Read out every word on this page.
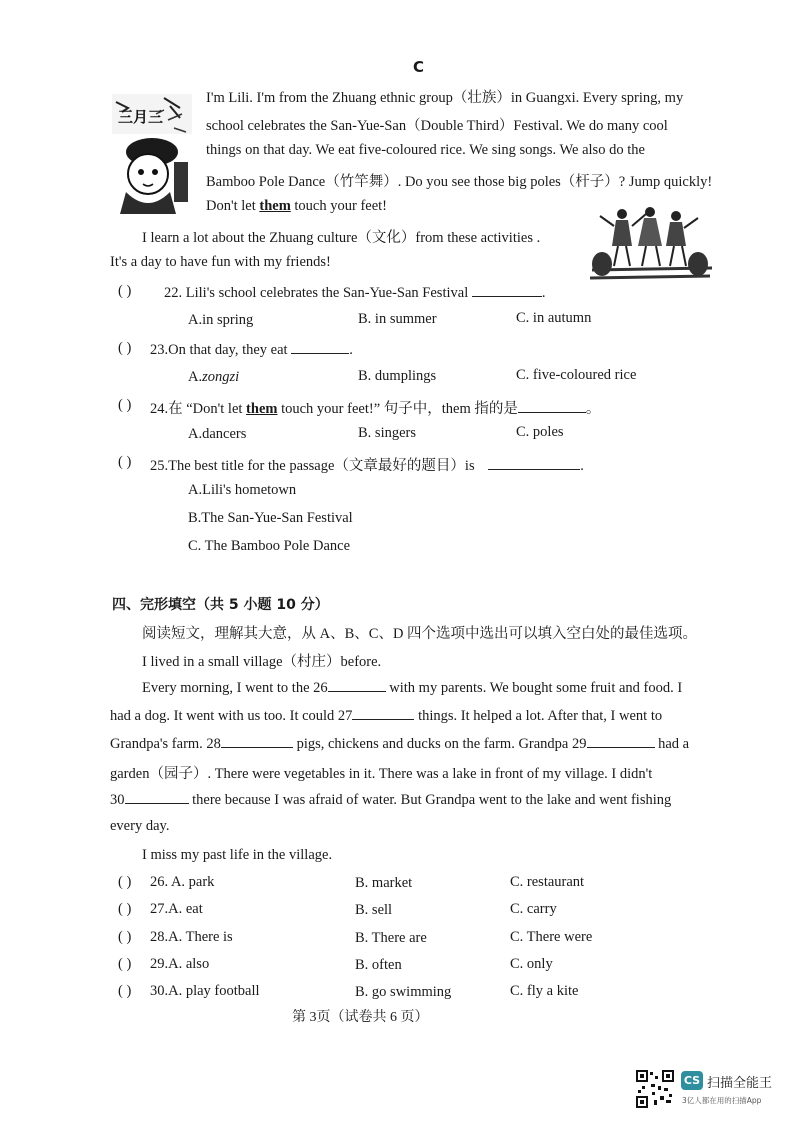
C
三月三
I'm Lili. I'm from the Zhuang ethnic group（壮族）in Guangxi. Every spring, my
school celebrates the San-Yue-San（Double Third）Festival. We do many cool
things on that day. We eat five-coloured rice. We sing songs. We also do the
Bamboo Pole Dance（竹竿舞）. Do you see those big poles（杆子）? Jump quickly!
Don't let them touch your feet!
I learn a lot about the Zhuang culture（文化）from these activities .
It's a day to have fun with my friends!
( ) 22. Lili's school celebrates the San-Yue-San Festival	.
A.in spring	B. in summer	C. in autumn
( ) 23.On that day, they eat	.
A.zongzi	B. dumplings	C. five-coloured rice
( ) 24.在 “Don't let them touch your feet!” 句子中，them 指的是	。
A.dancers	B. singers	C. poles
( ) 25.The best title for the passage（文章最好的题目）is	.
A.Lili's hometown
B.The San-Yue-San Festival
C. The Bamboo Pole Dance
四、完形填空（共 5 小题 10 分）
阅读短文，理解其大意，从 A、B、C、D 四个选项中选出可以填入空白处的最佳选项。
I lived in a small village（村庄）before.
Every morning, I went to the 26	with my parents. We bought some fruit and food. I
had a dog. It went with us too. It could 27	things. It helped a lot. After that, I went to
Grandpa's farm. 28	pigs, chickens and ducks on the farm. Grandpa 29	had a
garden（园子）. There were vegetables in it. There was a lake in front of my village. I didn't
30	there because I was afraid of water. But Grandpa went to the lake and went fishing
every day.
I miss my past life in the village.
( ) 26. A. park	B. market	C. restaurant
( ) 27.A. eat	B. sell	C. carry
( ) 28.A. There is	B. There are	C. There were
( ) 29.A. also	B. often	C. only
( ) 30.A. play football	B. go swimming	C. fly a kite
第 3页（试卷共 6 页）
CS 扫描全能王
3亿人都在用的扫描App
